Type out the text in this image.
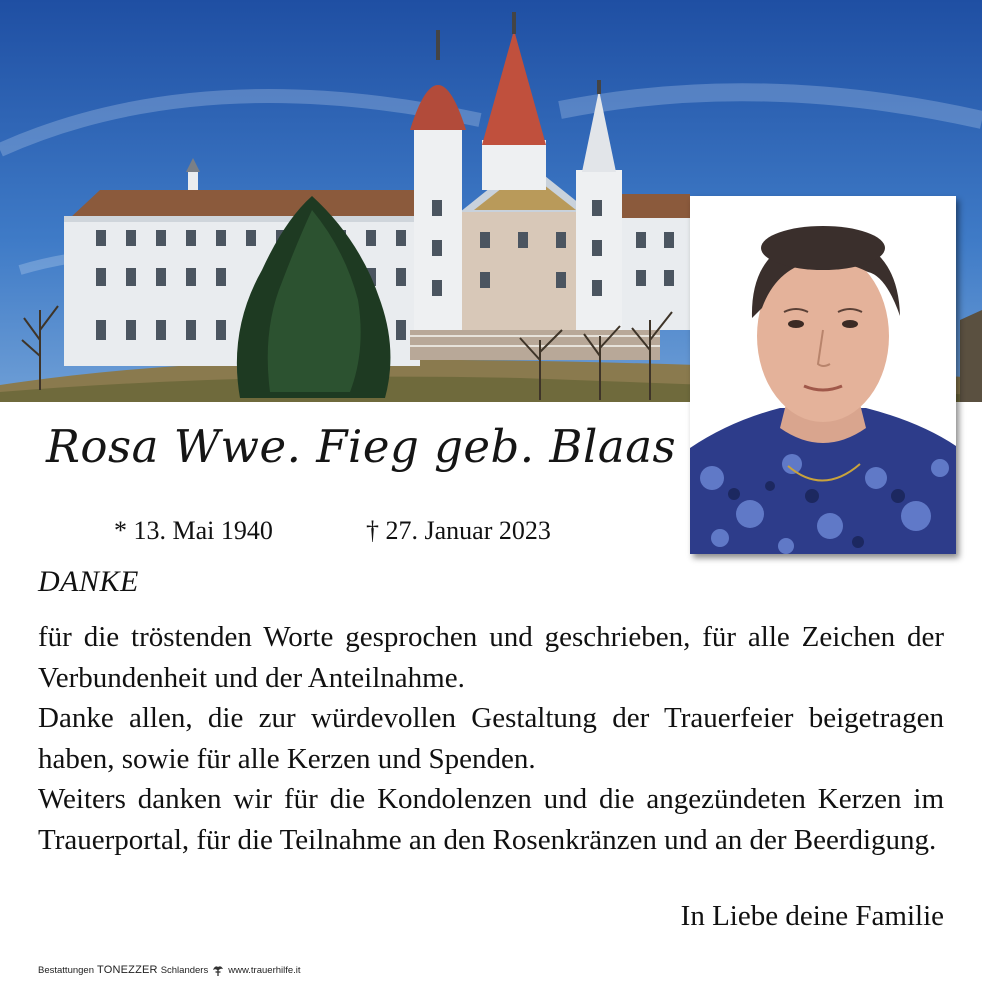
Rosa Wwe. Fieg geb. Blaas
* 13. Mai 1940	† 27. Januar 2023
DANKE

für die tröstenden Worte gesprochen und geschrieben, für alle Zeichen der Verbundenheit und der Anteilnahme.

Danke allen, die zur würdevollen Gestaltung der Trauerfeier beigetragen haben, sowie für alle Kerzen und Spenden.

Weiters danken wir für die Kondolenzen und die angezündeten Kerzen im Trauerportal, für die Teilnahme an den Rosenkränzen und an der Beerdigung.

In Liebe deine Familie
Bestattungen TONEZZER Schlanders www.trauerhilfe.it
